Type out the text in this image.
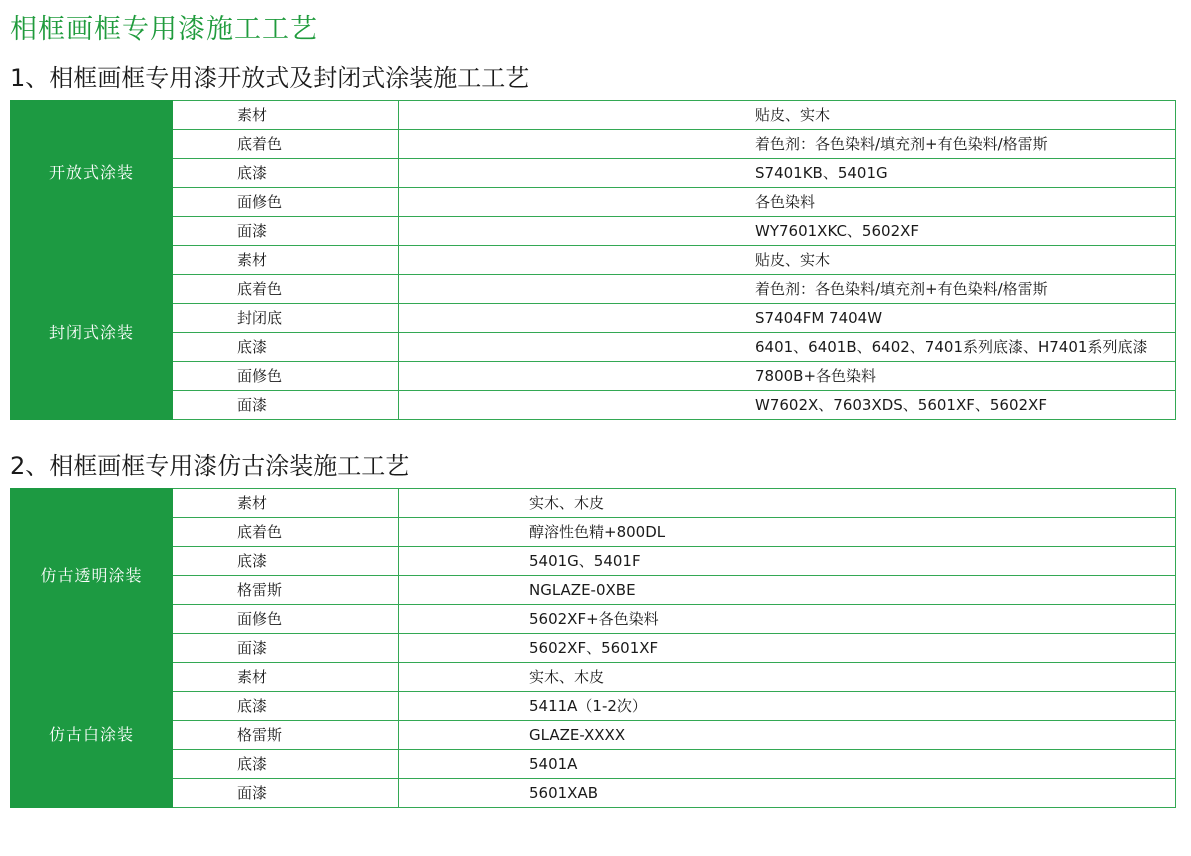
相框画框专用漆施工工艺
1、相框画框专用漆开放式及封闭式涂装施工工艺
开放式涂装	素材	贴皮、实木
	底着色	着色剂：各色染料/填充剂+有色染料/格雷斯
	底漆	S7401KB、5401G
	面修色	各色染料
	面漆	WY7601XKC、5602XF
封闭式涂装	素材	贴皮、实木
	底着色	着色剂：各色染料/填充剂+有色染料/格雷斯
	封闭底	S7404FM 7404W
	底漆	6401、6401B、6402、7401系列底漆、H7401系列底漆
	面修色	7800B+各色染料
	面漆	W7602X、7603XDS、5601XF、5602XF
2、相框画框专用漆仿古涂装施工工艺
仿古透明涂装	素材	实木、木皮
	底着色	醇溶性色精+800DL
	底漆	5401G、5401F
	格雷斯	NGLAZE-0XBE
	面修色	5602XF+各色染料
	面漆	5602XF、5601XF
仿古白涂装	素材	实木、木皮
	底漆	5411A（1-2次）
	格雷斯	GLAZE-XXXX
	底漆	5401A
	面漆	5601XAB
